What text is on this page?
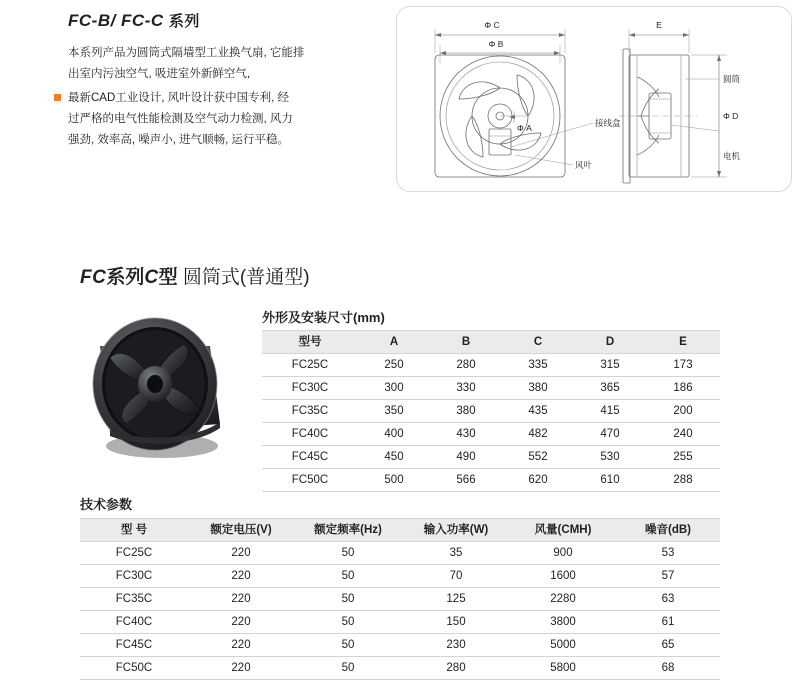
FC-B/ FC-C 系列

本系列产品为圆筒式隔墙型工业换气扇, 它能排
出室内污浊空气, 吸进室外新鲜空气,

最新CAD工业设计, 风叶设计获中国专利, 经
过严格的电气性能检测及空气动力检测, 风力
强劲, 效率高, 噪声小, 进气顺畅, 运行平稳。

Φ C
Φ B
Φ A
E
Φ D
接线盒
风叶
圆筒
电机
FC系列C型 圆筒式(普通型)
外形及安装尺寸(mm)
型号	A	B	C	D	E
FC25C	250	280	335	315	173
FC30C	300	330	380	365	186
FC35C	350	380	435	415	200
FC40C	400	430	482	470	240
FC45C	450	490	552	530	255
FC50C	500	566	620	610	288
技术参数
型 号	额定电压(V)	额定频率(Hz)	输入功率(W)	风量(CMH)	噪音(dB)
FC25C	220	50	35	900	53
FC30C	220	50	70	1600	57
FC35C	220	50	125	2280	63
FC40C	220	50	150	3800	61
FC45C	220	50	230	5000	65
FC50C	220	50	280	5800	68
